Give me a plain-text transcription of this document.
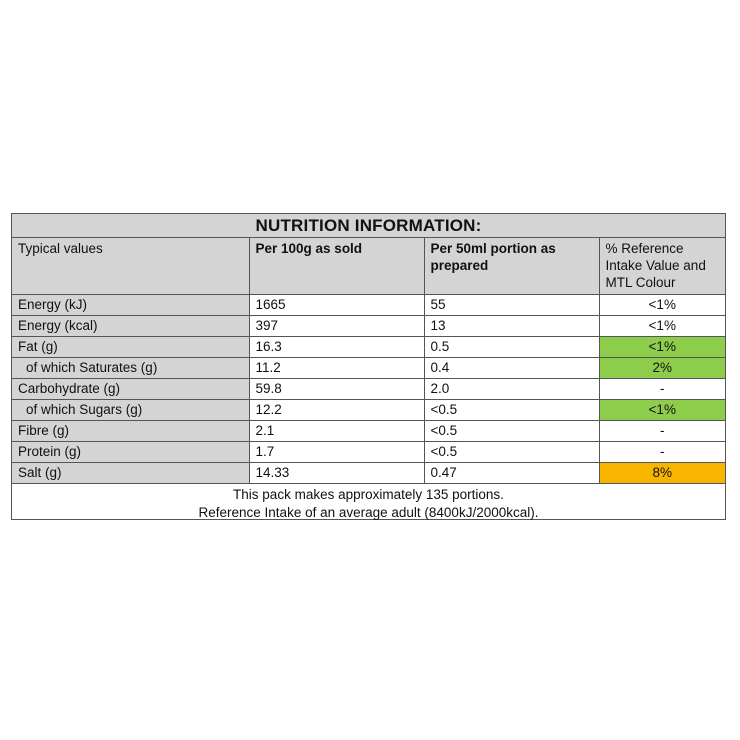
NUTRITION INFORMATION:
Typical values	Per 100g as sold	Per 50ml portion as prepared	% Reference Intake Value and MTL Colour
Energy (kJ)	1665	55	<1%
Energy (kcal)	397	13	<1%
Fat (g)	16.3	0.5	<1%
of which Saturates (g)	11.2	0.4	2%
Carbohydrate (g)	59.8	2.0	-
of which Sugars (g)	12.2	<0.5	<1%
Fibre (g)	2.1	<0.5	-
Protein (g)	1.7	<0.5	-
Salt (g)	14.33	0.47	8%
This pack makes approximately 135 portions.
Reference Intake of an average adult (8400kJ/2000kcal).
